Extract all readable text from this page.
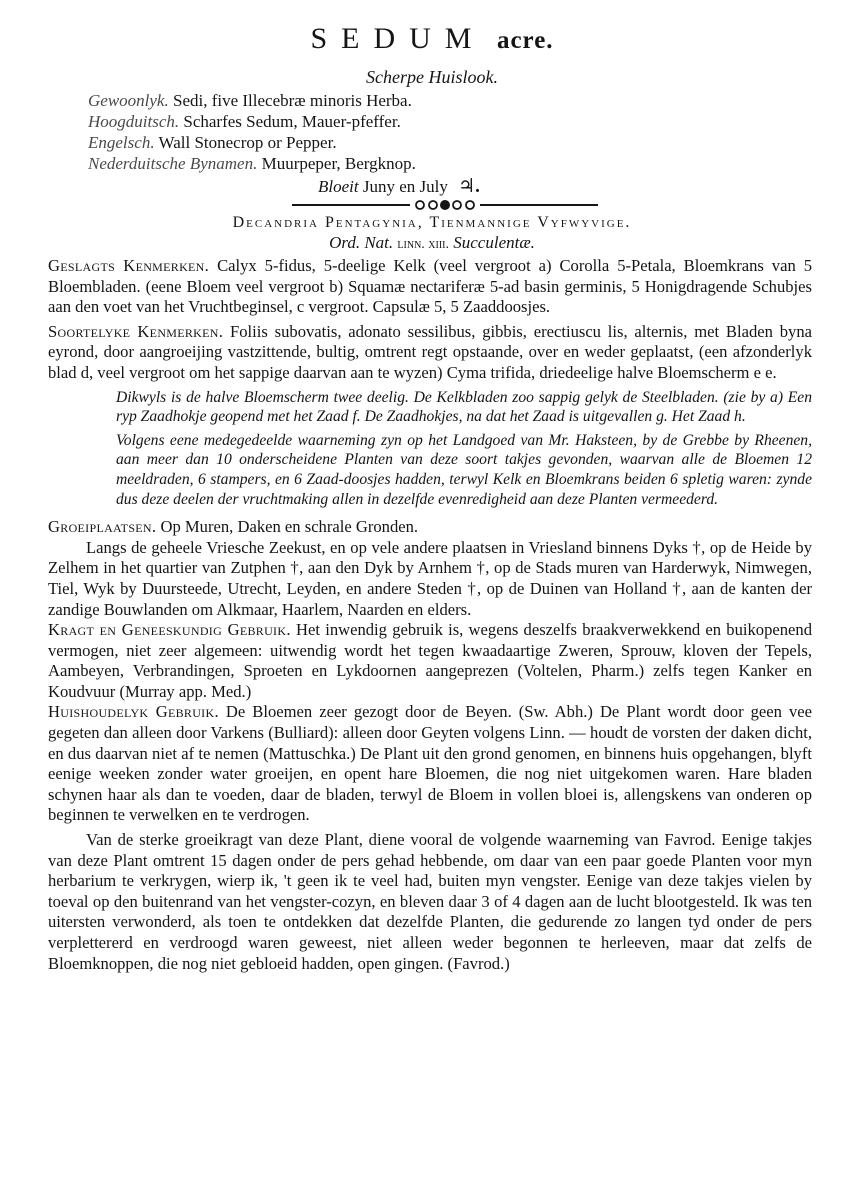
SEDUM acre.
Scherpe Huislook.
Gewoonlyk. Sedi, five Illecebræ minoris Herba.
Hoogduitsch. Scharfes Sedum, Mauer-pfeffer.
Engelsch. Wall Stonecrop or Pepper.
Nederduitsche Bynamen. Muurpeper, Bergknop.
Bloeit Juny en July ♃.
Decandria Pentagynia, Tienmannige Vyfwyvige.
Ord. Nat. linn. xiii. Succulentæ.

Geslagts Kenmerken. Calyx 5-fidus, 5-deelige Kelk (veel vergroot a) Corolla 5-Petala, Bloemkrans van 5 Bloembladen. (eene Bloem veel vergroot b) Squamæ nectariferæ 5-ad basin germinis, 5 Honigdragende Schubjes aan den voet van het Vruchtbeginsel, c vergroot. Capsulæ 5, 5 Zaaddoosjes.

Soortelyke Kenmerken. Foliis subovatis, adonato sessilibus, gibbis, erectiuscu lis, alternis, met Bladen byna eyrond, door aangroeijing vastzittende, bultig, omtrent regt opstaande, over en weder geplaatst, (een afzonderlyk blad d, veel vergroot om het sappige daarvan aan te wyzen) Cyma trifida, driedeelige halve Bloemscherm e e.

Dikwyls is de halve Bloemscherm twee deelig. De Kelkbladen zoo sappig gelyk de Steelbladen. (zie by a) Een ryp Zaadhokje geopend met het Zaad f. De Zaadhokjes, na dat het Zaad is uitgevallen g. Het Zaad h.

Volgens eene medegedeelde waarneming zyn op het Landgoed van Mr. Haksteen, by de Grebbe by Rheenen, aan meer dan 10 onderscheidene Planten van deze soort takjes gevonden, waarvan alle de Bloemen 12 meeldraden, 6 stampers, en 6 Zaad-doosjes hadden, terwyl Kelk en Bloemkrans beiden 6 spletig waren: zynde dus deze deelen der vruchtmaking allen in dezelfde evenredigheid aan deze Planten vermeederd.

Groeiplaatsen. Op Muren, Daken en schrale Gronden.

Langs de geheele Vriesche Zeekust, en op vele andere plaatsen in Vriesland binnens Dyks †, op de Heide by Zelhem in het quartier van Zutphen †, aan den Dyk by Arnhem †, op de Stads muren van Harderwyk, Nimwegen, Tiel, Wyk by Duursteede, Utrecht, Leyden, en andere Steden †, op de Duinen van Holland †, aan de kanten der zandige Bouwlanden om Alkmaar, Haarlem, Naarden en elders.

Kragt en Geneeskundig Gebruik. Het inwendig gebruik is, wegens deszelfs braakverwekkend en buikopenend vermogen, niet zeer algemeen: uitwendig wordt het tegen kwaadaartige Zweren, Sprouw, kloven der Tepels, Aambeyen, Verbrandingen, Sproeten en Lykdoornen aangeprezen (Voltelen, Pharm.) zelfs tegen Kanker en Koudvuur (Murray app. Med.)

Huishoudelyk Gebruik. De Bloemen zeer gezogt door de Beyen. (Sw. Abh.) De Plant wordt door geen vee gegeten dan alleen door Varkens (Bulliard): alleen door Geyten volgens Linn. — houdt de vorsten der daken dicht, en dus daarvan niet af te nemen (Mattuschka.) De Plant uit den grond genomen, en binnens huis opgehangen, blyft eenige weeken zonder water groeijen, en opent hare Bloemen, die nog niet uitgekomen waren. Hare bladen schynen haar als dan te voeden, daar de bladen, terwyl de Bloem in vollen bloei is, allengskens van onderen op beginnen te verwelken en te verdrogen.

Van de sterke groeikragt van deze Plant, diene vooral de volgende waarneming van Favrod. Eenige takjes van deze Plant omtrent 15 dagen onder de pers gehad hebbende, om daar van een paar goede Planten voor myn herbarium te verkrygen, wierp ik, 't geen ik te veel had, buiten myn vengster. Eenige van deze takjes vielen by toeval op den buitenrand van het vengster-cozyn, en bleven daar 3 of 4 dagen aan de lucht blootgesteld. Ik was ten uitersten verwonderd, als toen te ontdekken dat dezelfde Planten, die gedurende zo langen tyd onder de pers verplettererd en verdroogd waren geweest, niet alleen weder begonnen te herleeven, maar dat zelfs de Bloemknoppen, die nog niet gebloeid hadden, open gingen. (Favrod.)
